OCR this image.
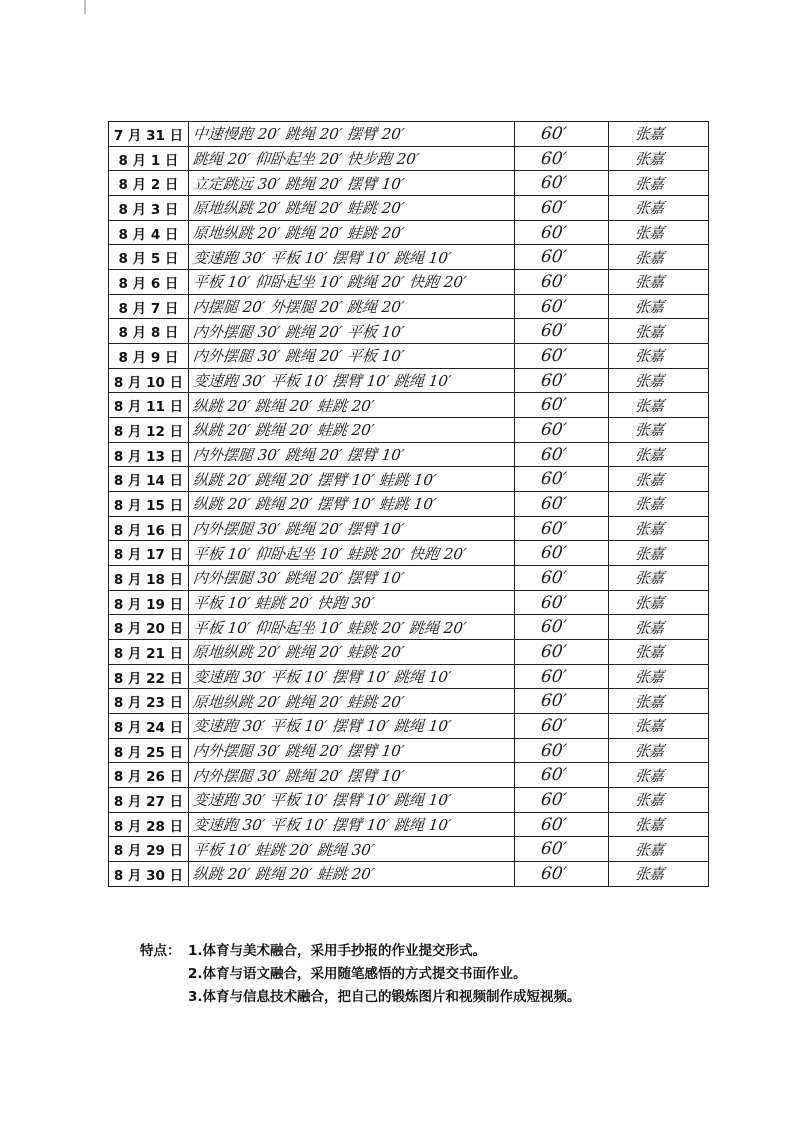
7 月 31 日	中速慢跑 20′ 跳绳 20′ 摆臂 20′	60′	张嘉
8 月 1 日	跳绳 20′ 仰卧起坐 20′ 快步跑 20′	60′	张嘉
8 月 2 日	立定跳远 30′ 跳绳 20′ 摆臂 10′	60′	张嘉
8 月 3 日	原地纵跳 20′ 跳绳 20′ 蛙跳 20′	60′	张嘉
8 月 4 日	原地纵跳 20′ 跳绳 20′ 蛙跳 20′	60′	张嘉
8 月 5 日	变速跑 30′ 平板 10′ 摆臂 10′ 跳绳 10′	60′	张嘉
8 月 6 日	平板 10′ 仰卧起坐 10′ 跳绳 20′ 快跑 20′	60′	张嘉
8 月 7 日	内摆腿 20′ 外摆腿 20′ 跳绳 20′	60′	张嘉
8 月 8 日	内外摆腿 30′ 跳绳 20′ 平板 10′	60′	张嘉
8 月 9 日	内外摆腿 30′ 跳绳 20′ 平板 10′	60′	张嘉
8 月 10 日	变速跑 30′ 平板 10′ 摆臂 10′ 跳绳 10′	60′	张嘉
8 月 11 日	纵跳 20′ 跳绳 20′ 蛙跳 20′	60′	张嘉
8 月 12 日	纵跳 20′ 跳绳 20′ 蛙跳 20′	60′	张嘉
8 月 13 日	内外摆腿 30′ 跳绳 20′ 摆臂 10′	60′	张嘉
8 月 14 日	纵跳 20′ 跳绳 20′ 摆臂 10′ 蛙跳 10′	60′	张嘉
8 月 15 日	纵跳 20′ 跳绳 20′ 摆臂 10′ 蛙跳 10′	60′	张嘉
8 月 16 日	内外摆腿 30′ 跳绳 20′ 摆臂 10′	60′	张嘉
8 月 17 日	平板 10′ 仰卧起坐 10′ 蛙跳 20′ 快跑 20′	60′	张嘉
8 月 18 日	内外摆腿 30′ 跳绳 20′ 摆臂 10′	60′	张嘉
8 月 19 日	平板 10′ 蛙跳 20′ 快跑 30′	60′	张嘉
8 月 20 日	平板 10′ 仰卧起坐 10′ 蛙跳 20′ 跳绳 20′	60′	张嘉
8 月 21 日	原地纵跳 20′ 跳绳 20′ 蛙跳 20′	60′	张嘉
8 月 22 日	变速跑 30′ 平板 10′ 摆臂 10′ 跳绳 10′	60′	张嘉
8 月 23 日	原地纵跳 20′ 跳绳 20′ 蛙跳 20′	60′	张嘉
8 月 24 日	变速跑 30′ 平板 10′ 摆臂 10′ 跳绳 10′	60′	张嘉
8 月 25 日	内外摆腿 30′ 跳绳 20′ 摆臂 10′	60′	张嘉
8 月 26 日	内外摆腿 30′ 跳绳 20′ 摆臂 10′	60′	张嘉
8 月 27 日	变速跑 30′ 平板 10′ 摆臂 10′ 跳绳 10′	60′	张嘉
8 月 28 日	变速跑 30′ 平板 10′ 摆臂 10′ 跳绳 10′	60′	张嘉
8 月 29 日	平板 10′ 蛙跳 20′ 跳绳 30′	60′	张嘉
8 月 30 日	纵跳 20′ 跳绳 20′ 蛙跳 20′	60′	张嘉
特点： 1.体育与美术融合，采用手抄报的作业提交形式。
2.体育与语文融合，采用随笔感悟的方式提交书面作业。
3.体育与信息技术融合，把自己的锻炼图片和视频制作成短视频。
